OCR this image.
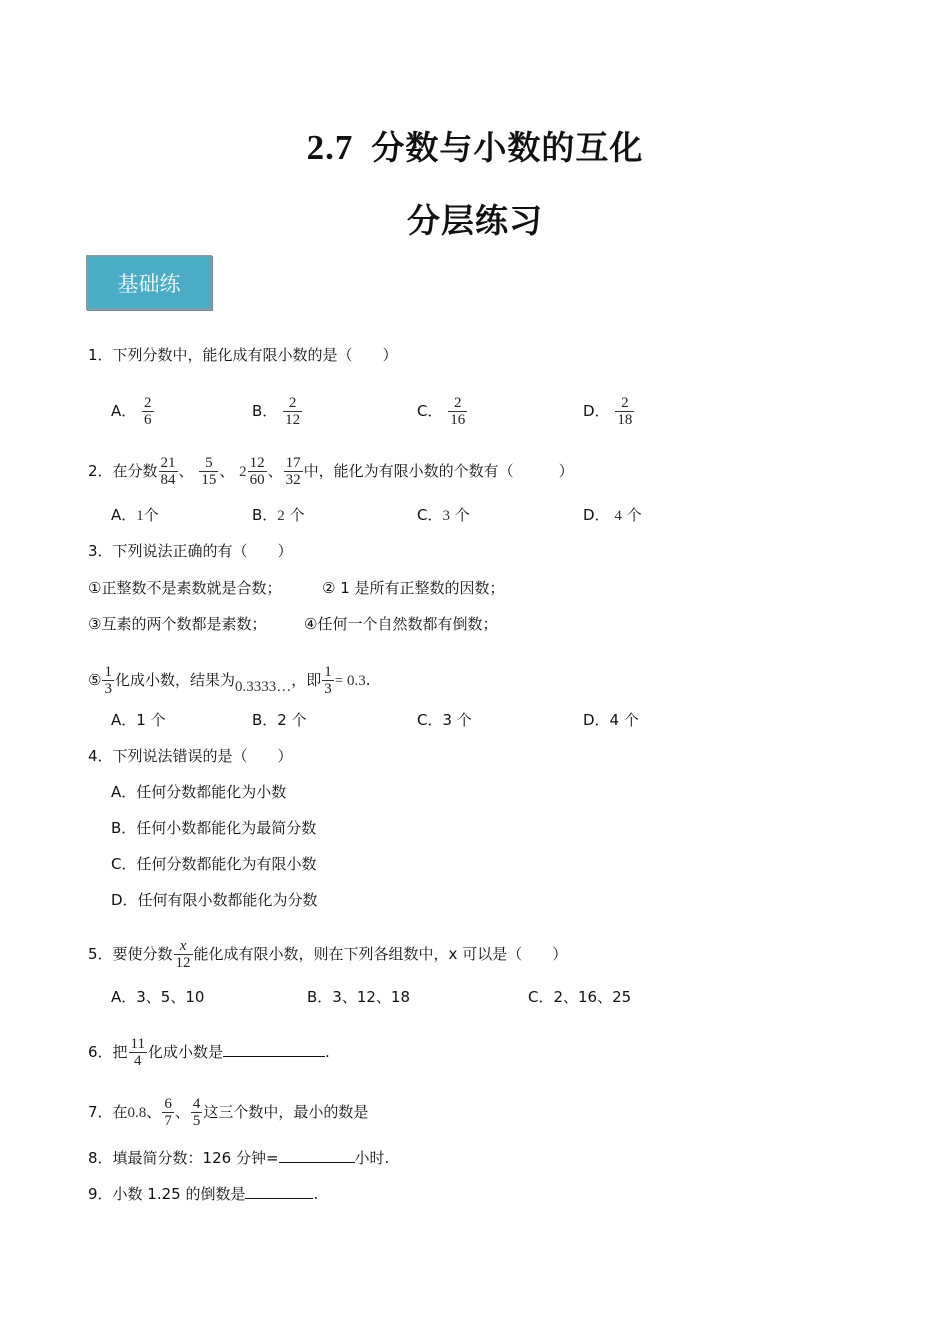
2.7 分数与小数的互化
分层练习
基础练
1．下列分数中，能化成有限小数的是（　　）
A． $\frac{2}{6}$	B． $\frac{2}{12}$	C． $\frac{2}{16}$	D． $\frac{2}{18}$
2．在分数 $\frac{21}{84}$ 、 $\frac{5}{15}$ 、 $2 \frac{12}{60}$ 、 $\frac{17}{32}$ 中，能化为有限小数的个数有（　　　）
A．1个	B．2 个	C．3 个	D． 4 个
3．下列说法正确的有（　　）
①正整数不是素数就是合数；	② 1 是所有正整数的因数；
③互素的两个数都是素数；	④任何一个自然数都有倒数；
⑤ $\frac{1}{3}$ 化成小数，结果为0.3333…，即 $\frac{1}{3} = 0.3$.
A．1 个	B．2 个	C．3 个	D．4 个
4．下列说法错误的是（　　）
A．任何分数都能化为小数
B．任何小数都能化为最简分数
C．任何分数都能化为有限小数
D．任何有限小数都能化为分数
5．要使分数 $\frac{x}{12}$ 能化成有限小数，则在下列各组数中，x 可以是（　　）
A．3、5、10	B．3、12、18	C．2、16、25
6．把 $\frac{11}{4}$ 化成小数是	.
7．在0.8、 $\frac{6}{7}$ 、 $\frac{4}{5}$ 这三个数中，最小的数是
8．填最简分数：126 分钟=	小时.
9．小数 1.25 的倒数是	.
